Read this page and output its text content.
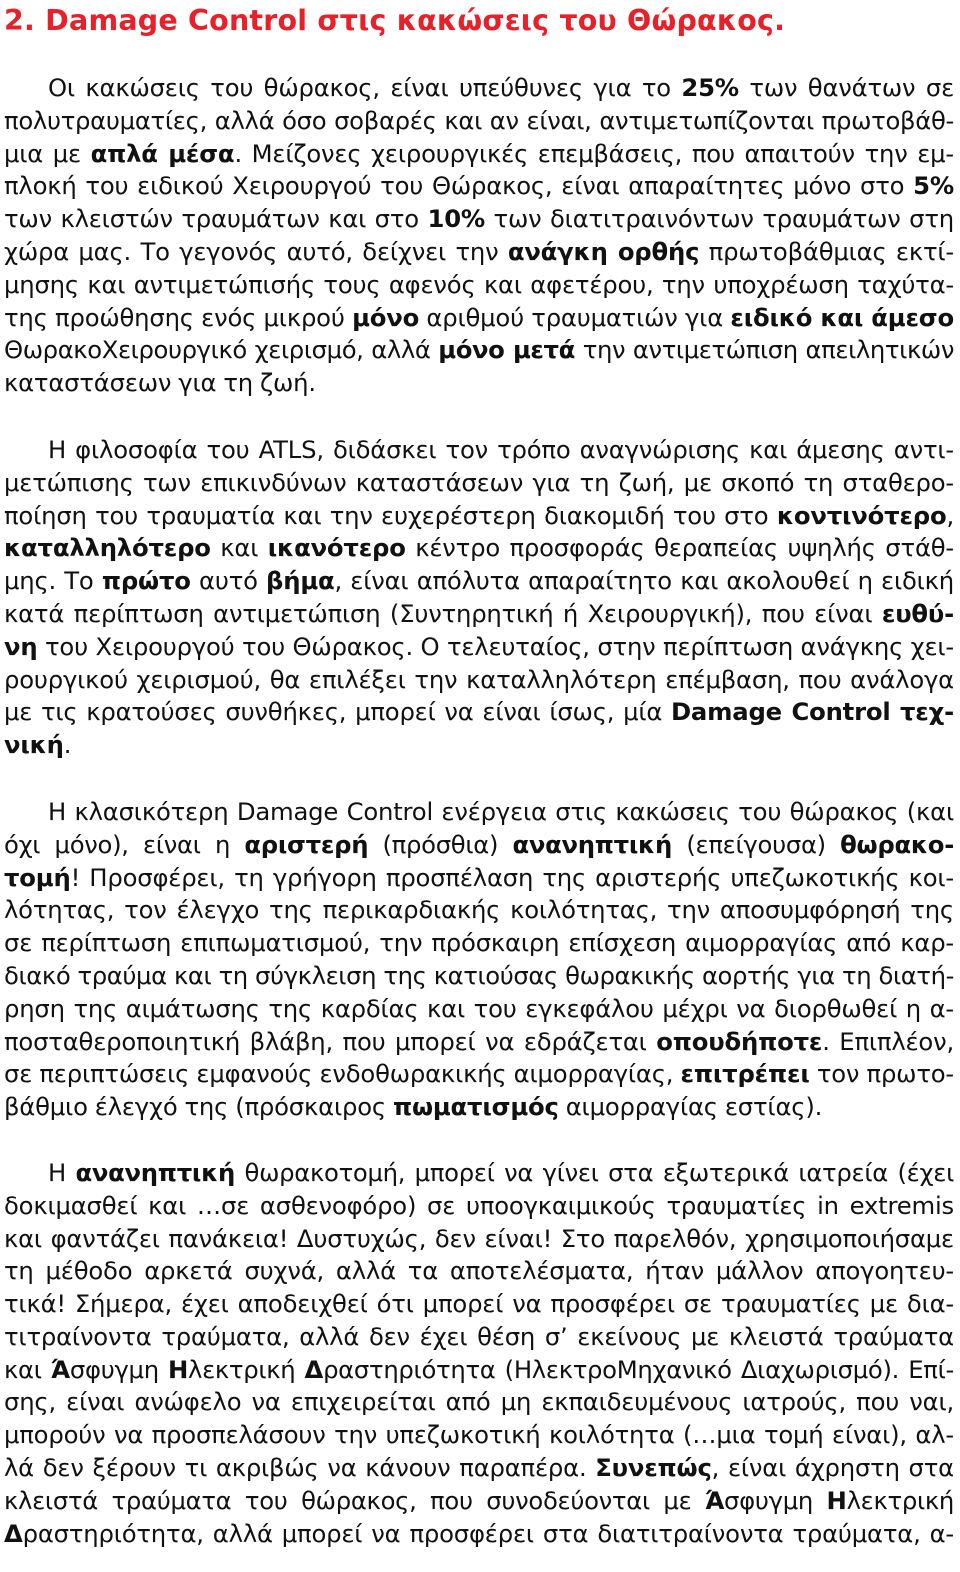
2. Damage Control στις κακώσεις του Θώρακος.

Οι κακώσεις του θώρακος, είναι υπεύθυνες για το 25% των θανάτων σε
πολυτραυματίες, αλλά όσο σοβαρές και αν είναι, αντιμετωπίζονται πρωτοβάθ-
μια με απλά μέσα. Μείζονες χειρουργικές επεμβάσεις, που απαιτούν την εμ-
πλοκή του ειδικού Χειρουργού του Θώρακος, είναι απαραίτητες μόνο στο 5%
των κλειστών τραυμάτων και στο 10% των διατιτραινόντων τραυμάτων στη
χώρα μας. Το γεγονός αυτό, δείχνει την ανάγκη ορθής πρωτοβάθμιας εκτί-
μησης και αντιμετώπισής τους αφενός και αφετέρου, την υποχρέωση ταχύτα-
της προώθησης ενός μικρού μόνο αριθμού τραυματιών για ειδικό και άμεσο
ΘωρακοΧειρουργικό χειρισμό, αλλά μόνο μετά την αντιμετώπιση απειλητικών
καταστάσεων για τη ζωή.

Η φιλοσοφία του ATLS, διδάσκει τον τρόπο αναγνώρισης και άμεσης αντι-
μετώπισης των επικινδύνων καταστάσεων για τη ζωή, με σκοπό τη σταθερο-
ποίηση του τραυματία και την ευχερέστερη διακομιδή του στο κοντινότερο,
καταλληλότερο και ικανότερο κέντρο προσφοράς θεραπείας υψηλής στάθ-
μης. Το πρώτο αυτό βήμα, είναι απόλυτα απαραίτητο και ακολουθεί η ειδική
κατά περίπτωση αντιμετώπιση (Συντηρητική ή Χειρουργική), που είναι ευθύ-
νη του Χειρουργού του Θώρακος. Ο τελευταίος, στην περίπτωση ανάγκης χει-
ρουργικού χειρισμού, θα επιλέξει την καταλληλότερη επέμβαση, που ανάλογα
με τις κρατούσες συνθήκες, μπορεί να είναι ίσως, μία Damage Control τεχ-
νική.

Η κλασικότερη Damage Control ενέργεια στις κακώσεις του θώρακος (και
όχι μόνο), είναι η αριστερή (πρόσθια) ανανηπτική (επείγουσα) θωρακο-
τομή! Προσφέρει, τη γρήγορη προσπέλαση της αριστερής υπεζωκοτικής κοι-
λότητας, τον έλεγχο της περικαρδιακής κοιλότητας, την αποσυμφόρησή της
σε περίπτωση επιπωματισμού, την πρόσκαιρη επίσχεση αιμορραγίας από καρ-
διακό τραύμα και τη σύγκλειση της κατιούσας θωρακικής αορτής για τη διατή-
ρηση της αιμάτωσης της καρδίας και του εγκεφάλου μέχρι να διορθωθεί η α-
ποσταθεροποιητική βλάβη, που μπορεί να εδράζεται οπουδήποτε. Επιπλέον,
σε περιπτώσεις εμφανούς ενδοθωρακικής αιμορραγίας, επιτρέπει τον πρωτο-
βάθμιο έλεγχό της (πρόσκαιρος πωματισμός αιμορραγίας εστίας).

Η ανανηπτική θωρακοτομή, μπορεί να γίνει στα εξωτερικά ιατρεία (έχει
δοκιμασθεί και …σε ασθενοφόρο) σε υποογκαιμικούς τραυματίες in extremis
και φαντάζει πανάκεια! Δυστυχώς, δεν είναι! Στο παρελθόν, χρησιμοποιήσαμε
τη μέθοδο αρκετά συχνά, αλλά τα αποτελέσματα, ήταν μάλλον απογοητευ-
τικά! Σήμερα, έχει αποδειχθεί ότι μπορεί να προσφέρει σε τραυματίες με δια-
τιτραίνοντα τραύματα, αλλά δεν έχει θέση σ’ εκείνους με κλειστά τραύματα
και Άσφυγμη Ηλεκτρική Δραστηριότητα (ΗλεκτροΜηχανικό Διαχωρισμό). Επί-
σης, είναι ανώφελο να επιχειρείται από μη εκπαιδευμένους ιατρούς, που ναι,
μπορούν να προσπελάσουν την υπεζωκοτική κοιλότητα (…μια τομή είναι), αλ-
λά δεν ξέρουν τι ακριβώς να κάνουν παραπέρα. Συνεπώς, είναι άχρηστη στα
κλειστά τραύματα του θώρακος, που συνοδεύονται με Άσφυγμη Ηλεκτρική
Δραστηριότητα, αλλά μπορεί να προσφέρει στα διατιτραίνοντα τραύματα, α-
